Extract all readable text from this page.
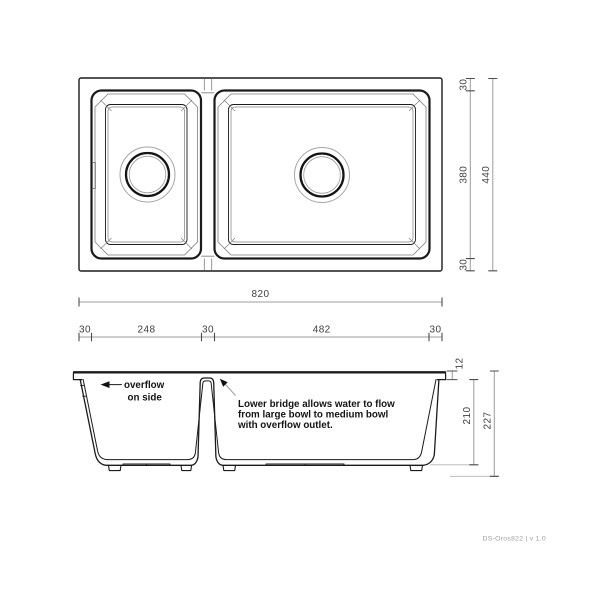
30
380
30
440
820
30	248	30	482	30
overflow
on side
Lower bridge allows water to flow
from large bowl to medium bowl
with overflow outlet.
12
210 227
DS-Oros822 | v 1.0
